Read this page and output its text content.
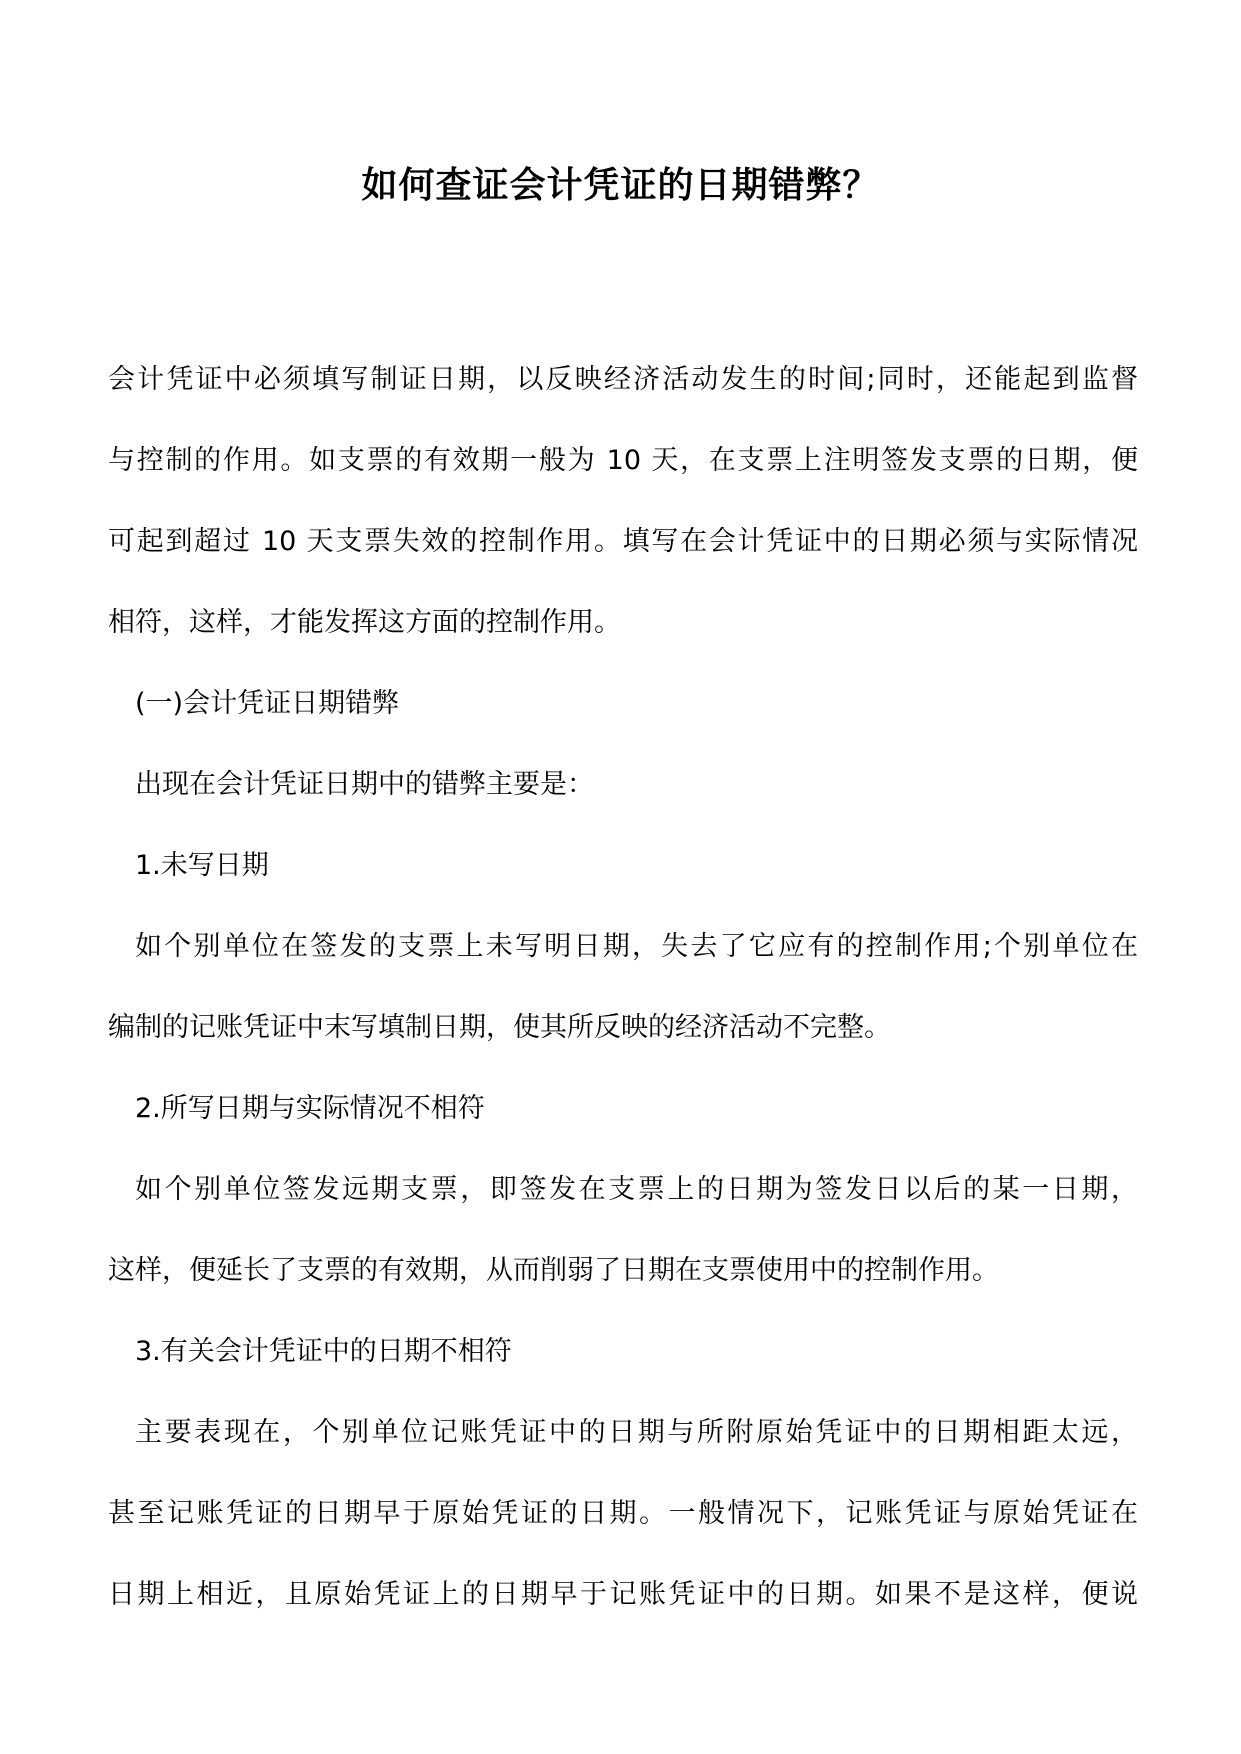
如何查证会计凭证的日期错弊？
会计凭证中必须填写制证日期，以反映经济活动发生的时间;同时，还能起到监督
与控制的作用。如支票的有效期一般为 10 天，在支票上注明签发支票的日期，便
可起到超过 10 天支票失效的控制作用。填写在会计凭证中的日期必须与实际情况
相符，这样，才能发挥这方面的控制作用。
(一)会计凭证日期错弊
出现在会计凭证日期中的错弊主要是：
1.未写日期
如个别单位在签发的支票上未写明日期，失去了它应有的控制作用;个别单位在
编制的记账凭证中末写填制日期，使其所反映的经济活动不完整。
2.所写日期与实际情况不相符
如个别单位签发远期支票，即签发在支票上的日期为签发日以后的某一日期，
这样，便延长了支票的有效期，从而削弱了日期在支票使用中的控制作用。
3.有关会计凭证中的日期不相符
主要表现在，个别单位记账凭证中的日期与所附原始凭证中的日期相距太远，
甚至记账凭证的日期早于原始凭证的日期。一般情况下，记账凭证与原始凭证在
日期上相近，且原始凭证上的日期早于记账凭证中的日期。如果不是这样，便说
